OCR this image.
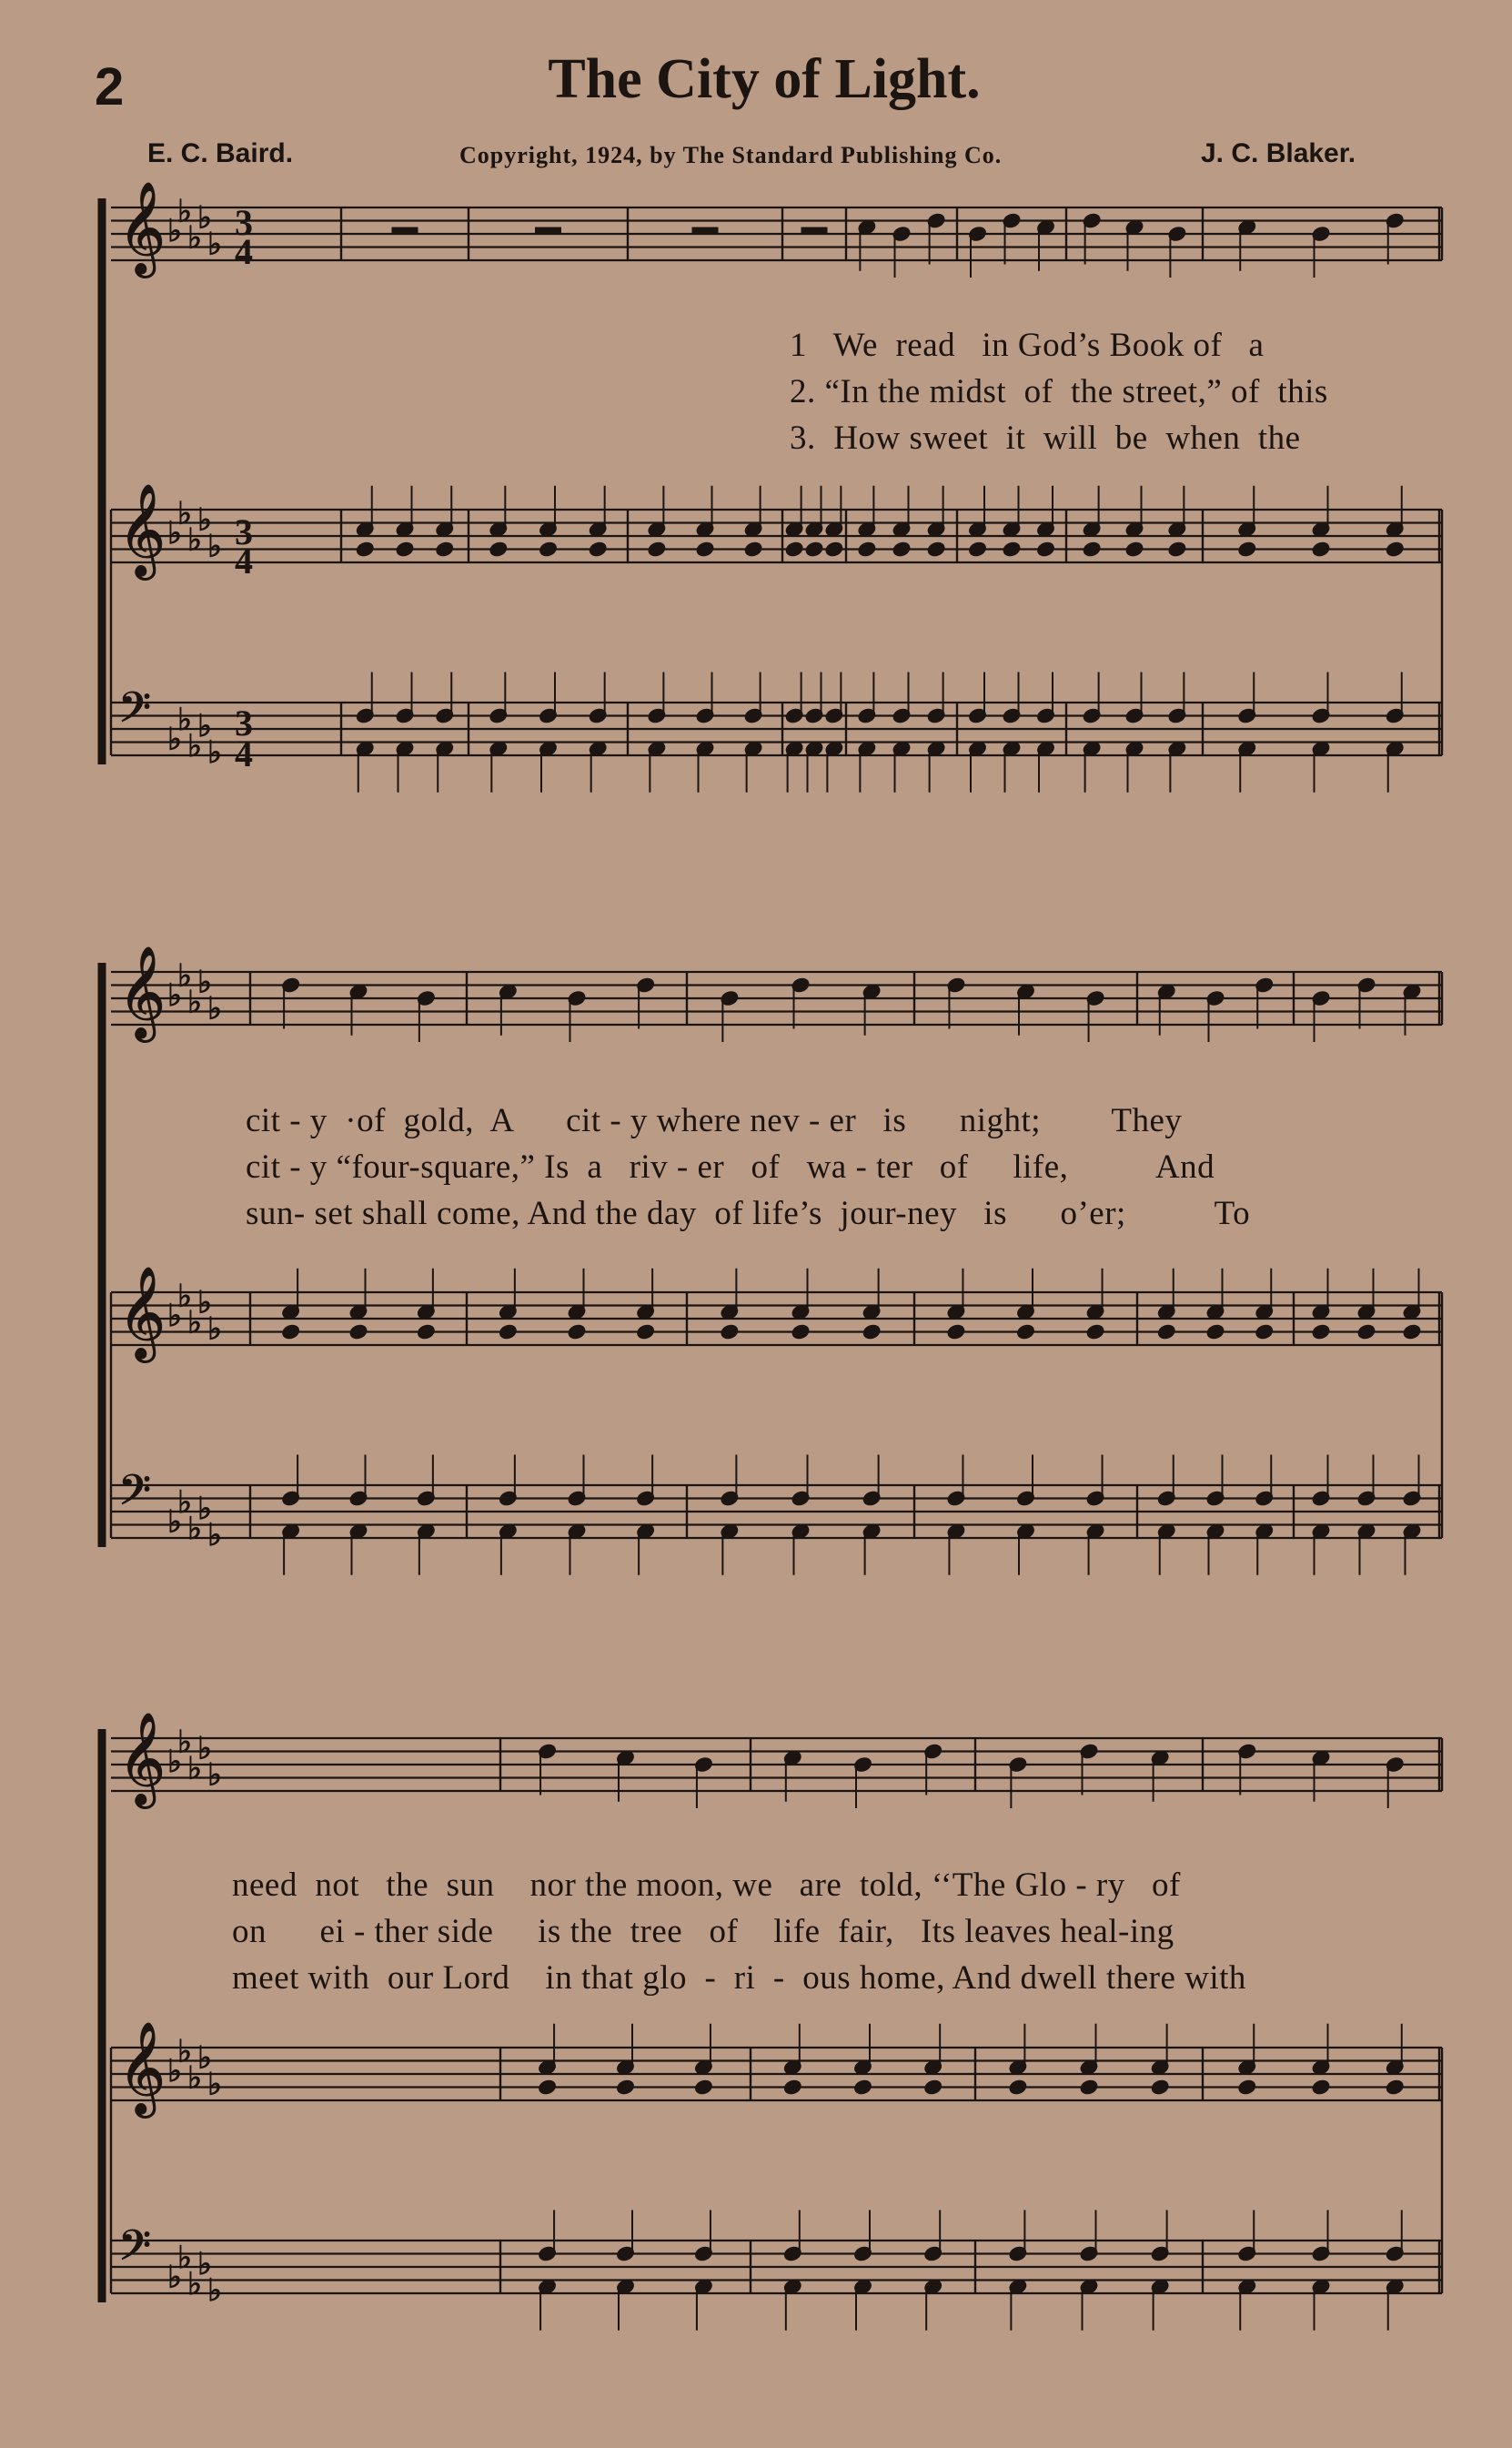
2	The City of Light.
E. C. Baird.	Copyright, 1924, by The Standard Publishing Co.	J. C. Blaker.
𝄞 ♭
♭
♭
♭
♭
𝄞 ♭
♭
♭
♭
♭
𝄢 ♭
♭
♭
♭
♭
𝄞 ♭
♭
♭
♭
♭
𝄞 ♭
♭
♭
♭
♭
𝄢 ♭
♭
♭
♭
♭
𝄞 ♭
♭
♭
♭
♭
𝄞 ♭
♭
♭
♭
♭
𝄢 ♭
♭
♭
♭
♭
3
4
3
4
3
4
1   We  read   in God’s Book of   a
2. “In the midst  of  the street,” of  this
3.  How sweet  it  will  be  when  the
cit - y  ·of  gold,  A      cit - y where nev - er   is      night;        They
cit - y “four-square,” Is  a   riv - er   of   wa - ter   of     life,          And
sun- set shall come, And the day  of life’s  jour-ney   is      o’er;          To
need  not   the  sun    nor the moon, we   are  told, ‘‘The Glo - ry   of
on      ei - ther side     is the  tree   of    life  fair,   Its leaves heal-ing
meet with  our Lord    in that glo  -  ri  -  ous home, And dwell there with
